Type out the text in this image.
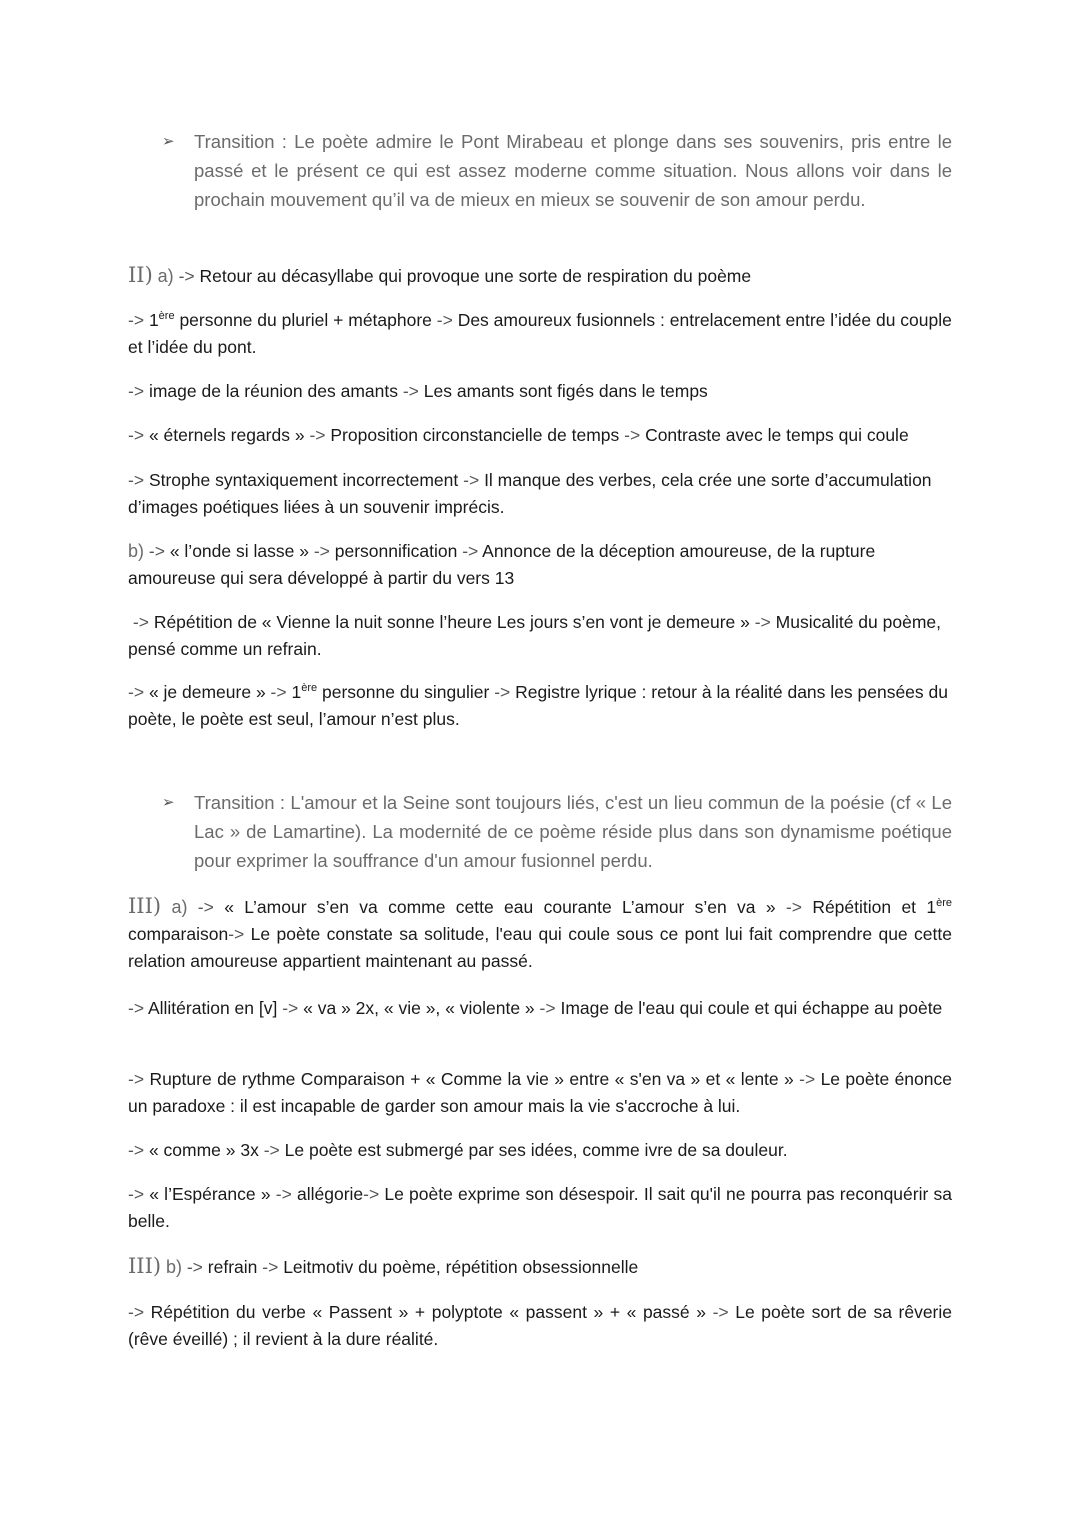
➢ Transition : Le poète admire le Pont Mirabeau et plonge dans ses souvenirs, pris entre le passé et le présent ce qui est assez moderne comme situation. Nous allons voir dans le prochain mouvement qu’il va de mieux en mieux se souvenir de son amour perdu.
II) a) -> Retour au décasyllabe qui provoque une sorte de respiration du poème
-> 1ère personne du pluriel + métaphore -> Des amoureux fusionnels : entrelacement entre l’idée du couple et l’idée du pont.
-> image de la réunion des amants -> Les amants sont figés dans le temps
-> « éternels regards » -> Proposition circonstancielle de temps -> Contraste avec le temps qui coule
-> Strophe syntaxiquement incorrectement -> Il manque des verbes, cela crée une sorte d’accumulation d’images poétiques liées à un souvenir imprécis.
b) -> « l’onde si lasse » -> personnification -> Annonce de la déception amoureuse, de la rupture amoureuse qui sera développé à partir du vers 13
-> Répétition de « Vienne la nuit sonne l’heure Les jours s’en vont je demeure » -> Musicalité du poème, pensé comme un refrain.
-> « je demeure » -> 1ère personne du singulier -> Registre lyrique : retour à la réalité dans les pensées du poète, le poète est seul, l’amour n’est plus.
➢ Transition : L'amour et la Seine sont toujours liés, c'est un lieu commun de la poésie (cf « Le Lac » de Lamartine). La modernité de ce poème réside plus dans son dynamisme poétique pour exprimer la souffrance d'un amour fusionnel perdu.
III) a) -> « L’amour s’en va comme cette eau courante L’amour s’en va » -> Répétition et 1ère comparaison-> Le poète constate sa solitude, l'eau qui coule sous ce pont lui fait comprendre que cette relation amoureuse appartient maintenant au passé.
-> Allitération en [v] -> « va » 2x, « vie », « violente » -> Image de l'eau qui coule et qui échappe au poète
-> Rupture de rythme Comparaison + « Comme la vie » entre « s'en va » et « lente » -> Le poète énonce un paradoxe : il est incapable de garder son amour mais la vie s'accroche à lui.
-> « comme » 3x -> Le poète est submergé par ses idées, comme ivre de sa douleur.
-> « l’Espérance » -> allégorie-> Le poète exprime son désespoir. Il sait qu'il ne pourra pas reconquérir sa belle.
III) b) -> refrain -> Leitmotiv du poème, répétition obsessionnelle
-> Répétition du verbe « Passent » + polyptote « passent » + « passé » -> Le poète sort de sa rêverie (rêve éveillé) ; il revient à la dure réalité.
